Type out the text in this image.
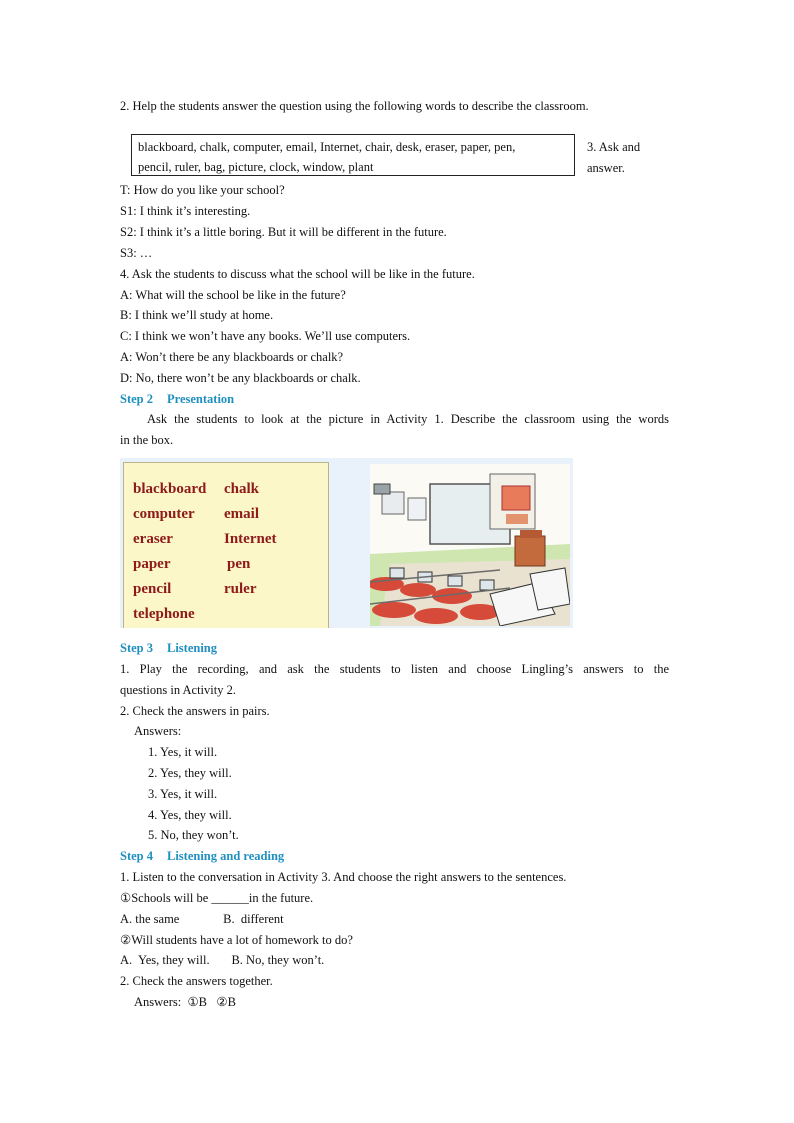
2. Help the students answer the question using the following words to describe the classroom.
blackboard, chalk, computer, email, Internet, chair, desk, eraser, paper, pen,
pencil, ruler, bag, picture, clock, window, plant
3. Ask and
answer.
T: How do you like your school?
S1: I think it’s interesting.
S2: I think it’s a little boring. But it will be different in the future.
S3: …
4. Ask the students to discuss what the school will be like in the future.
A: What will the school be like in the future?
B: I think we’ll study at home.
C: I think we won’t have any books. We’ll use computers.
A: Won’t there be any blackboards or chalk?
D: No, there won’t be any blackboards or chalk.
Step 2 Presentation
Ask the students to look at the picture in Activity 1. Describe the classroom using the words
in the box.
blackboard chalk
computer email
eraser	Internet
paper	pen
pencil	ruler
telephone
Step 3 Listening
1. Play the recording, and ask the students to listen and choose Lingling’s answers to the
questions in Activity 2.
2. Check the answers in pairs.
Answers:
1. Yes, it will.
2. Yes, they will.
3. Yes, it will.
4. Yes, they will.
5. No, they won’t.
Step 4 Listening and reading
1. Listen to the conversation in Activity 3. And choose the right answers to the sentences.
①Schools will be ______in the future.
A. the same              B.  different
②Will students have a lot of homework to do?
A.  Yes, they will.       B. No, they won’t.
2. Check the answers together.
Answers:  ①B   ②B
